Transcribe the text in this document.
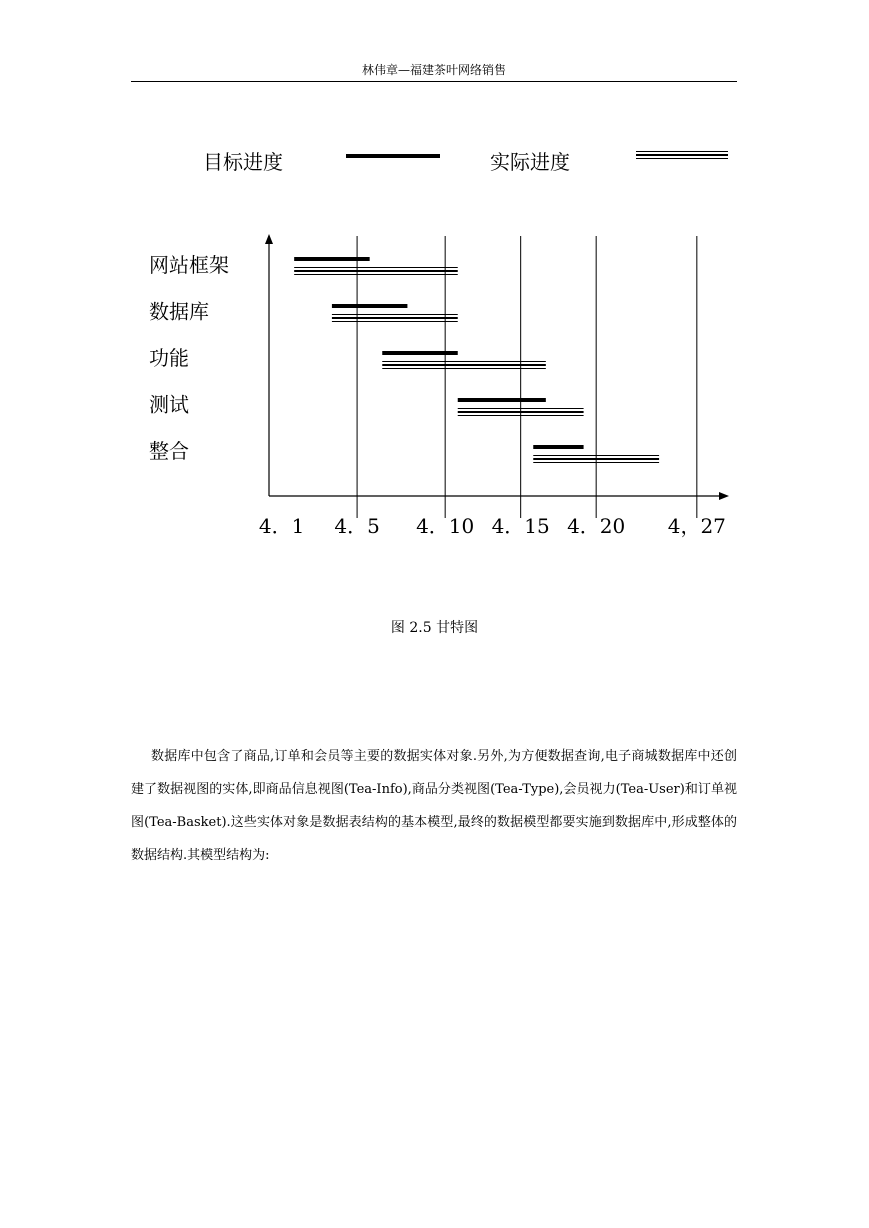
林伟章—福建茶叶网络销售
目标进度	实际进度
网站框架
数据库
功能
测试
整合
4．1 4．5 4．10 4．15 4．20 4，27
图 2.5 甘特图
数据库中包含了商品,订单和会员等主要的数据实体对象.另外,为方便数据查询,电子商城数据库中还创建了数据视图的实体,即商品信息视图(Tea-Info),商品分类视图(Tea-Type),会员视力(Tea-User)和订单视图(Tea-Basket).这些实体对象是数据表结构的基本模型,最终的数据模型都要实施到数据库中,形成整体的数据结构.其模型结构为:
